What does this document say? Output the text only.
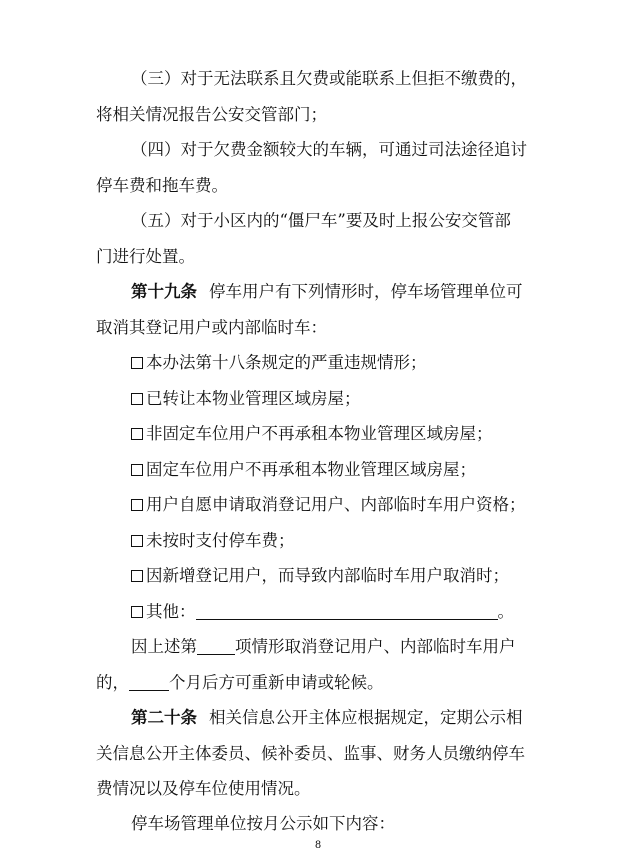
（三）对于无法联系且欠费或能联系上但拒不缴费的，
将相关情况报告公安交管部门；
（四）对于欠费金额较大的车辆，可通过司法途径追讨
停车费和拖车费。
（五）对于小区内的“僵尸车”要及时上报公安交管部
门进行处置。
第十九条 停车用户有下列情形时，停车场管理单位可
取消其登记用户或内部临时车：
本办法第十八条规定的严重违规情形；
已转让本物业管理区域房屋；
非固定车位用户不再承租本物业管理区域房屋；
固定车位用户不再承租本物业管理区域房屋；
用户自愿申请取消登记用户、内部临时车用户资格；
未按时支付停车费；
因新增登记用户，而导致内部临时车用户取消时；
其他：	。
因上述第 项情形取消登记用户、内部临时车用户
的， 个月后方可重新申请或轮候。
第二十条 相关信息公开主体应根据规定，定期公示相
关信息公开主体委员、候补委员、监事、财务人员缴纳停车
费情况以及停车位使用情况。
停车场管理单位按月公示如下内容：
8
